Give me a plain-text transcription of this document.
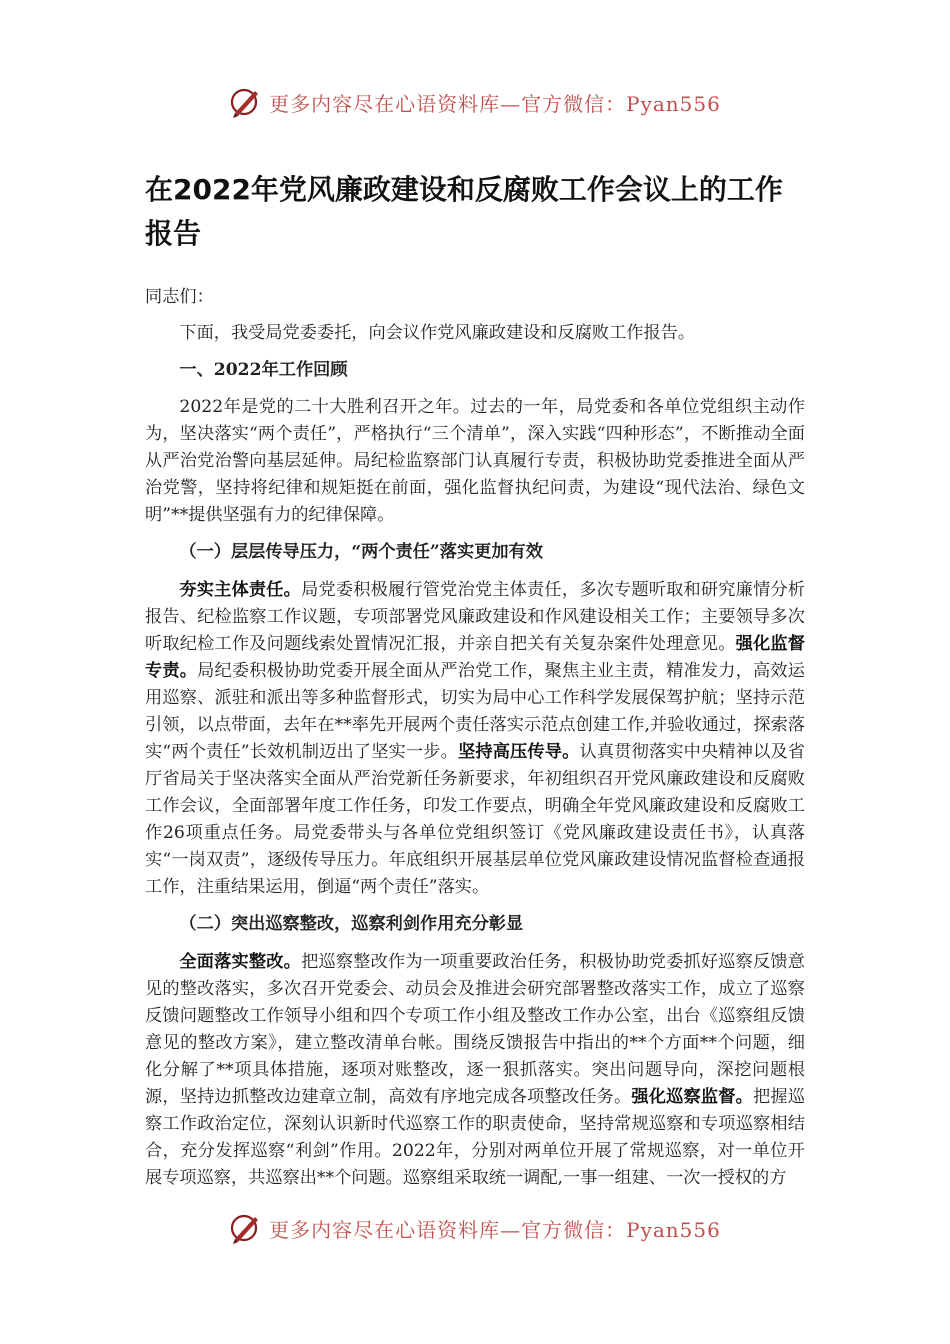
更多内容尽在心语资料库—官方微信：Pyan556
在2022年党风廉政建设和反腐败工作会议上的工作报告

同志们：

下面，我受局党委委托，向会议作党风廉政建设和反腐败工作报告。

一、2022年工作回顾

2022年是党的二十大胜利召开之年。过去的一年，局党委和各单位党组织主动作为，坚决落实“两个责任”，严格执行“三个清单”，深入实践“四种形态”，不断推动全面从严治党治警向基层延伸。局纪检监察部门认真履行专责，积极协助党委推进全面从严治党警，坚持将纪律和规矩挺在前面，强化监督执纪问责，为建设“现代法治、绿色文明”**提供坚强有力的纪律保障。

（一）层层传导压力，“两个责任”落实更加有效

夯实主体责任。局党委积极履行管党治党主体责任，多次专题听取和研究廉情分析报告、纪检监察工作议题，专项部署党风廉政建设和作风建设相关工作；主要领导多次听取纪检工作及问题线索处置情况汇报，并亲自把关有关复杂案件处理意见。强化监督专责。局纪委积极协助党委开展全面从严治党工作，聚焦主业主责，精准发力，高效运用巡察、派驻和派出等多种监督形式，切实为局中心工作科学发展保驾护航；坚持示范引领，以点带面，去年在**率先开展两个责任落实示范点创建工作,并验收通过，探索落实“两个责任”长效机制迈出了坚实一步。坚持高压传导。认真贯彻落实中央精神以及省厅省局关于坚决落实全面从严治党新任务新要求，年初组织召开党风廉政建设和反腐败工作会议，全面部署年度工作任务，印发工作要点，明确全年党风廉政建设和反腐败工作26项重点任务。局党委带头与各单位党组织签订《党风廉政建设责任书》，认真落实“一岗双责”，逐级传导压力。年底组织开展基层单位党风廉政建设情况监督检查通报工作，注重结果运用，倒逼“两个责任”落实。

（二）突出巡察整改，巡察利剑作用充分彰显

全面落实整改。把巡察整改作为一项重要政治任务，积极协助党委抓好巡察反馈意见的整改落实，多次召开党委会、动员会及推进会研究部署整改落实工作，成立了巡察反馈问题整改工作领导小组和四个专项工作小组及整改工作办公室，出台《巡察组反馈意见的整改方案》，建立整改清单台帐。围绕反馈报告中指出的**个方面**个问题，细化分解了**项具体措施，逐项对账整改，逐一狠抓落实。突出问题导向，深挖问题根源，坚持边抓整改边建章立制，高效有序地完成各项整改任务。强化巡察监督。把握巡察工作政治定位，深刻认识新时代巡察工作的职责使命，坚持常规巡察和专项巡察相结合，充分发挥巡察“利剑”作用。2022年，分别对两单位开展了常规巡察，对一单位开展专项巡察，共巡察出**个问题。巡察组采取统一调配,一事一组建、一次一授权的方

更多内容尽在心语资料库—官方微信：Pyan556
